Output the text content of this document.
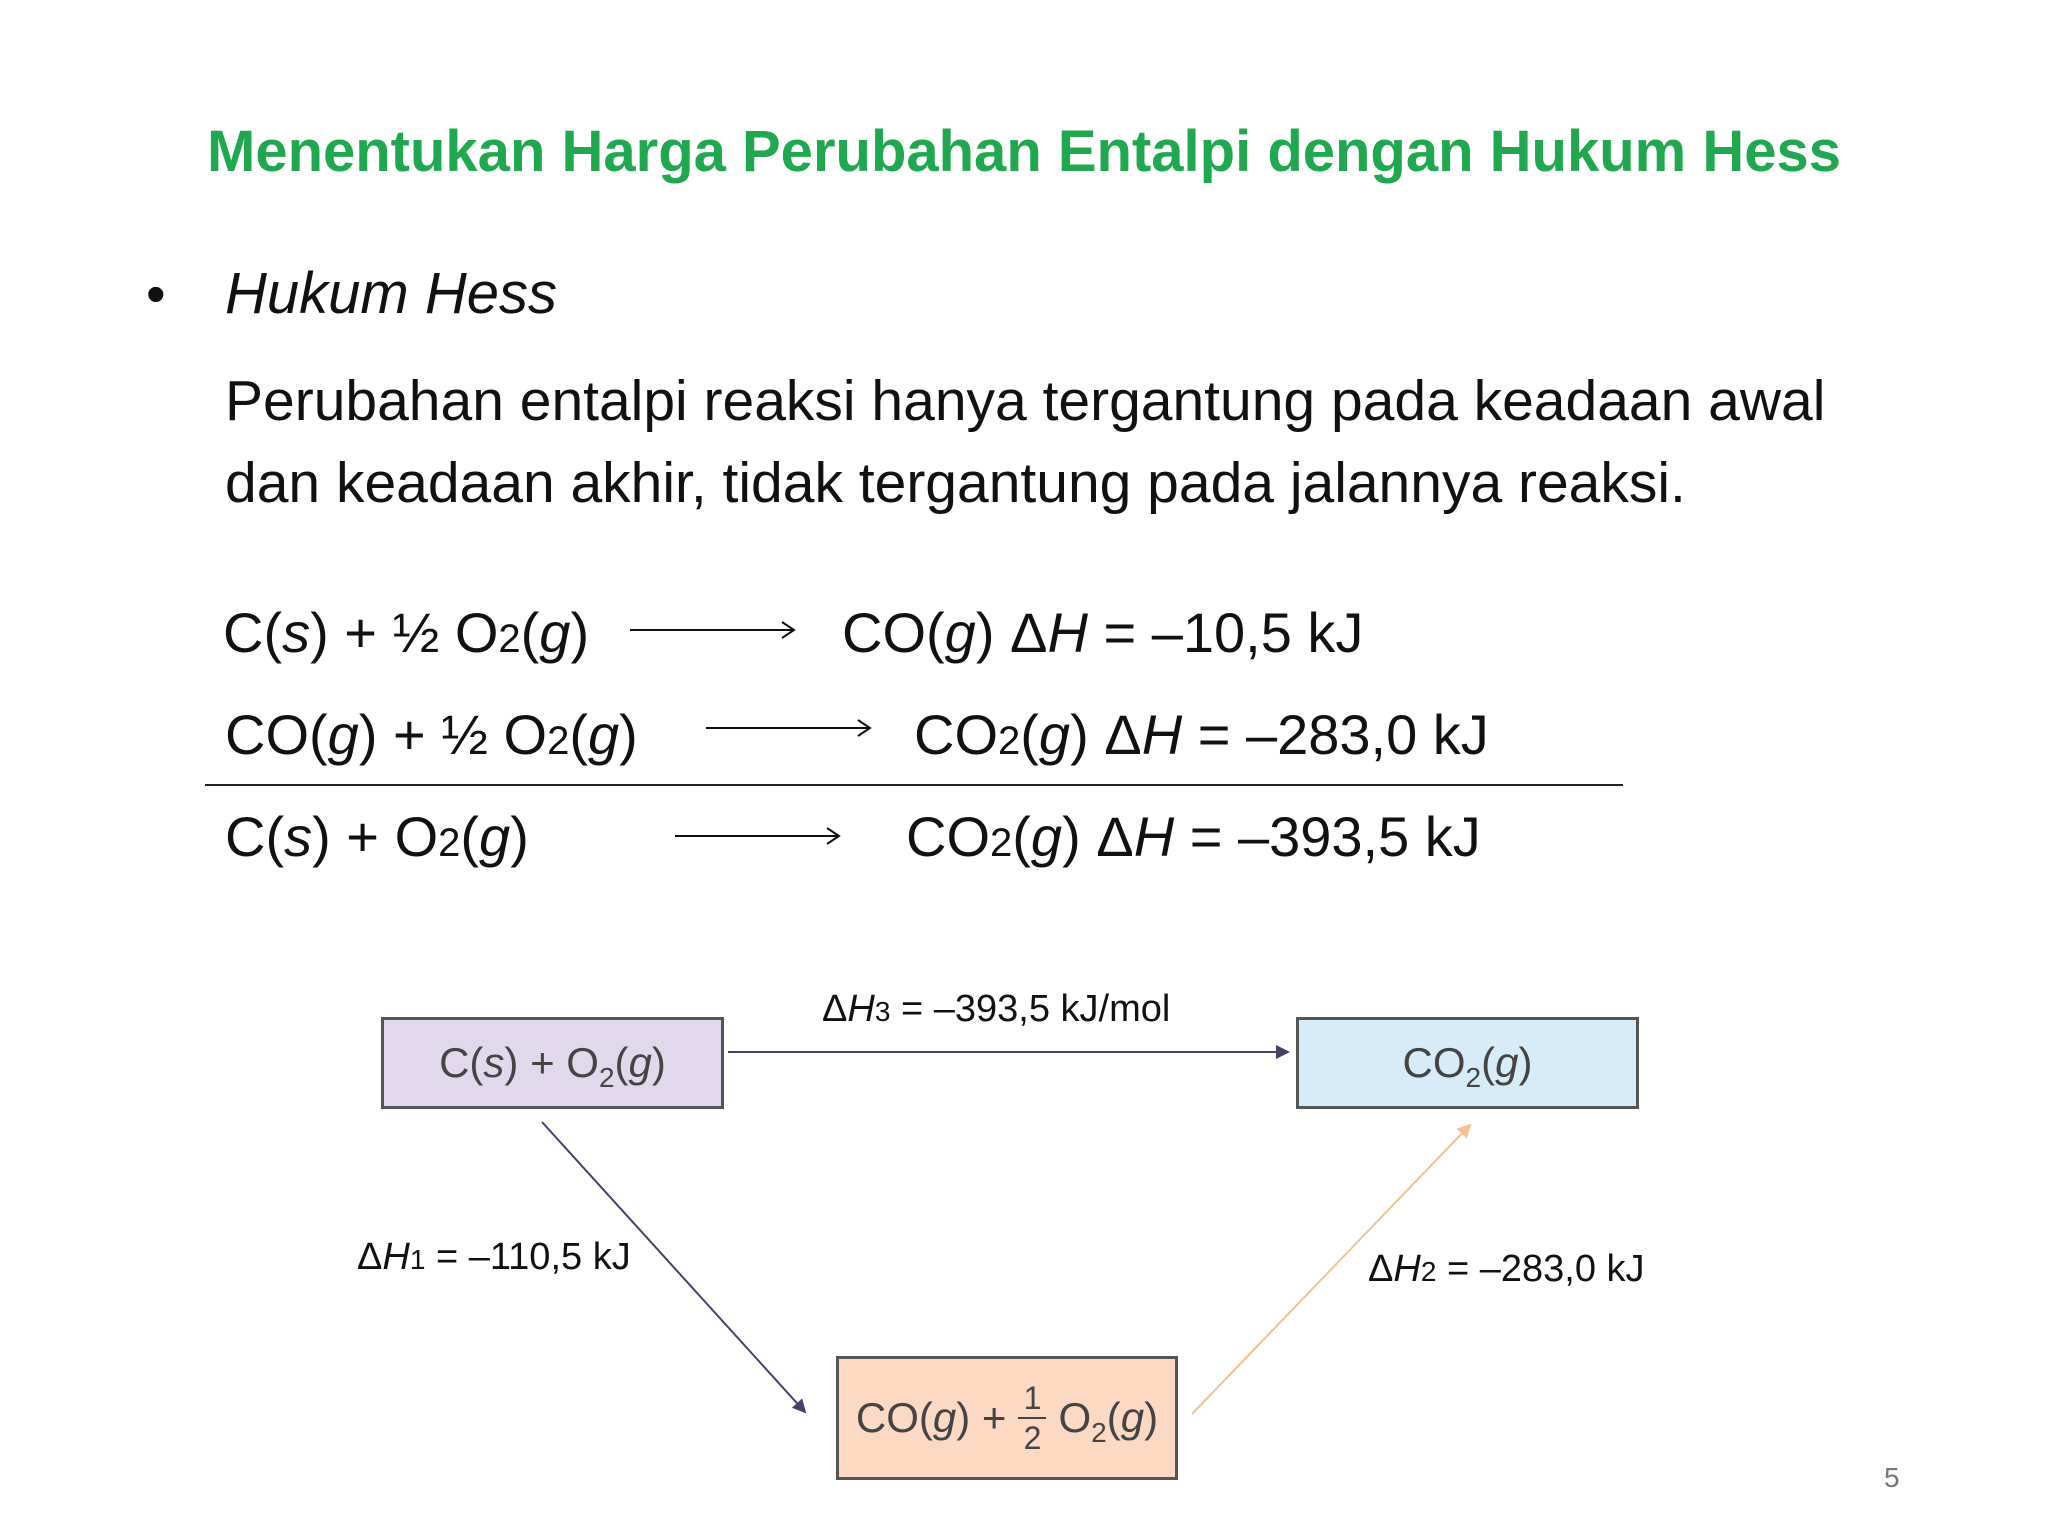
Menentukan Harga Perubahan Entalpi dengan Hukum Hess
• Hukum Hess
Perubahan entalpi reaksi hanya tergantung pada keadaan awal
dan keadaan akhir, tidak tergantung pada jalannya reaksi.
C(s) + ½ O2(g)	CO(g) ΔH = –10,5 kJ
CO(g) + ½ O2(g)	CO2(g) ΔH = –283,0 kJ
C(s) + O2(g)	CO2(g) ΔH = –393,5 kJ
$C(s) + O_2(g)$	$CO_2(g)$
$CO(g) + \frac{1}{2} O_2(g)$
ΔH3 = –393,5 kJ/mol
ΔH1 = –110,5 kJ	ΔH2 = –283,0 kJ
5
